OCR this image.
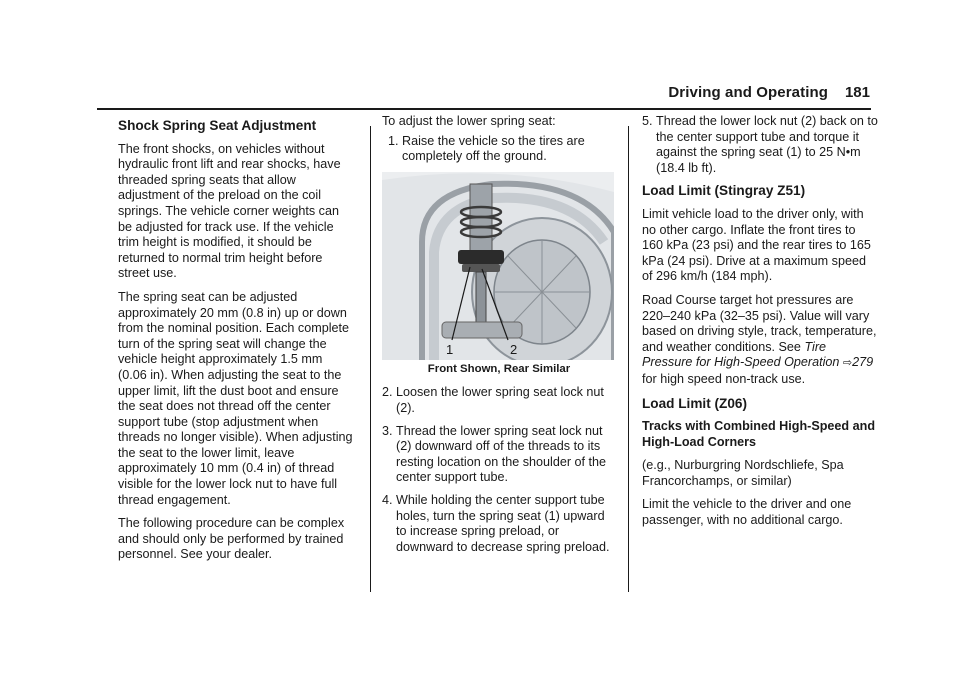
Driving and Operating 181
Shock Spring Seat Adjustment

The front shocks, on vehicles without hydraulic front lift and rear shocks, have threaded spring seats that allow adjustment of the preload on the coil springs. The vehicle corner weights can be adjusted for track use. If the vehicle trim height is modified, it should be returned to normal trim height before street use.

The spring seat can be adjusted approximately 20 mm (0.8 in) up or down from the nominal position. Each complete turn of the spring seat will change the vehicle height approximately 1.5 mm (0.06 in). When adjusting the seat to the upper limit, lift the dust boot and ensure the seat does not thread off the center support tube (stop adjustment when threads no longer visible). When adjusting the seat to the lower limit, leave approximately 10 mm (0.4 in) of thread visible for the lower lock nut to have full thread engagement.

The following procedure can be complex and should only be performed by trained personnel. See your dealer.

To adjust the lower spring seat:

1. Raise the vehicle so the tires are completely off the ground.
1	2

Front Shown, Rear Similar

2. Loosen the lower spring seat lock nut (2).
3. Thread the lower spring seat lock nut (2) downward off of the threads to its resting location on the shoulder of the center support tube.
4. While holding the center support tube holes, turn the spring seat (1) upward to increase spring preload, or downward to decrease spring preload.
5. Thread the lower lock nut (2) back on to the center support tube and torque it against the spring seat (1) to 25 N•m (18.4 lb ft).
Load Limit (Stingray Z51)

Limit vehicle load to the driver only, with no other cargo. Inflate the front tires to 160 kPa (23 psi) and the rear tires to 165 kPa (24 psi). Drive at a maximum speed of 296 km/h (184 mph).

Road Course target hot pressures are 220–240 kPa (32–35 psi). Value will vary based on driving style, track, temperature, and weather conditions. See Tire Pressure for High-Speed Operation ⇨279 for high speed non-track use.

Load Limit (Z06)
Tracks with Combined High-Speed and High-Load Corners

(e.g., Nurburgring Nordschliefe, Spa Francorchamps, or similar)

Limit the vehicle to the driver and one passenger, with no additional cargo.
